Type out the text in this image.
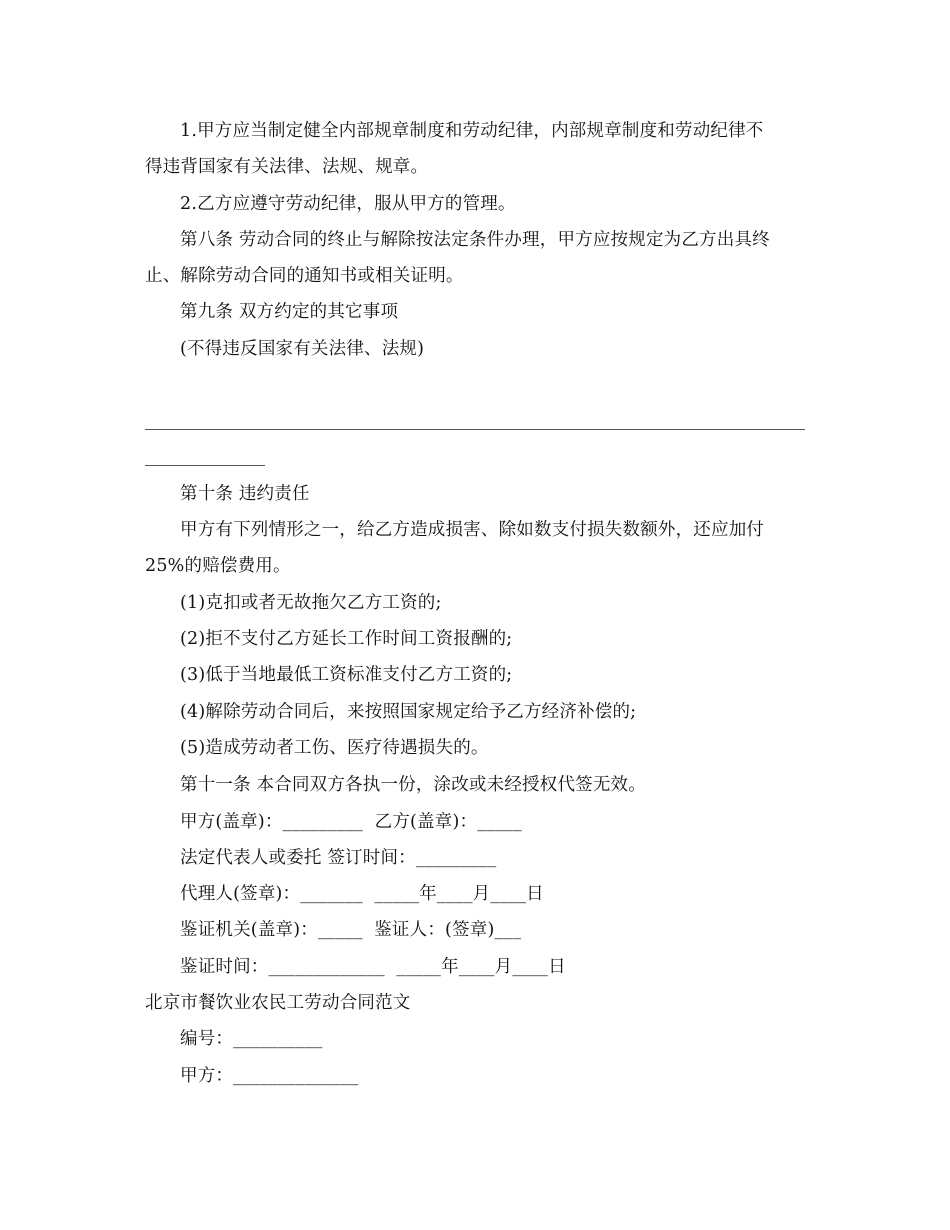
1.甲方应当制定健全内部规章制度和劳动纪律，内部规章制度和劳动纪律不
得违背国家有关法律、法规、规章。
2.乙方应遵守劳动纪律，服从甲方的管理。
第八条 劳动合同的终止与解除按法定条件办理，甲方应按规定为乙方出具终
止、解除劳动合同的通知书或相关证明。
第九条 双方约定的其它事项
(不得违反国家有关法律、法规)
第十条 违约责任
甲方有下列情形之一，给乙方造成损害、除如数支付损失数额外，还应加付
25%的赔偿费用。
(1)克扣或者无故拖欠乙方工资的;
(2)拒不支付乙方延长工作时间工资报酬的;
(3)低于当地最低工资标准支付乙方工资的;
(4)解除劳动合同后，来按照国家规定给予乙方经济补偿的;
(5)造成劳动者工伤、医疗待遇损失的。
第十一条 本合同双方各执一份，涂改或未经授权代签无效。
甲方(盖章)：_________  乙方(盖章)：_____
法定代表人或委托 签订时间：_________
代理人(签章)：_______  _____年____月____日
鉴证机关(盖章)：_____  鉴证人：(签章)___
鉴证时间：_____________  _____年____月____日
北京市餐饮业农民工劳动合同范文
编号：__________
甲方：______________
